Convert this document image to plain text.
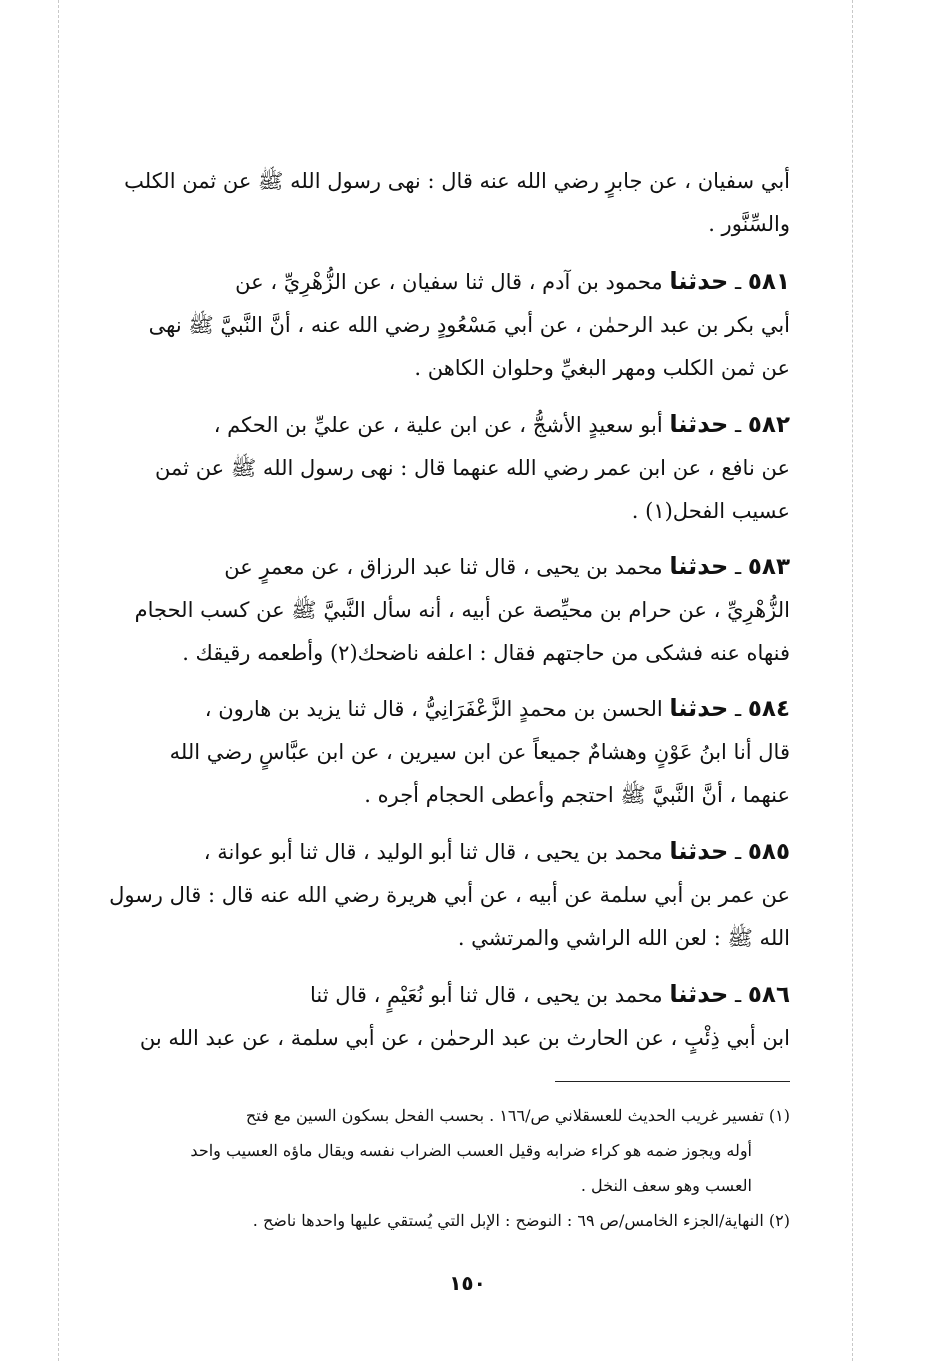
أبي سفيان ، عن جابرٍ رضي الله عنه قال : نهى رسول الله ﷺ عن ثمن الكلب
والسِّنَّور .
٥٨١ ـ حدثنا محمود بن آدم ، قال ثنا سفيان ، عن الزُّهْرِيِّ ، عن
أبي بكر بن عبد الرحمٰن ، عن أبي مَسْعُودٍ رضي الله عنه ، أنَّ النَّبيَّ ﷺ نهى
عن ثمن الكلب ومهر البغيِّ وحلوان الكاهن .
٥٨٢ ـ حدثنا أبو سعيدٍ الأشجُّ ، عن ابن علية ، عن عليِّ بن الحكم ،
عن نافع ، عن ابن عمر رضي الله عنهما قال : نهى رسول الله ﷺ عن ثمن
عسيب الفحل(١) .
٥٨٣ ـ حدثنا محمد بن يحيى ، قال ثنا عبد الرزاق ، عن معمرٍ عن
الزُّهْرِيِّ ، عن حرام بن محيِّصة عن أبيه ، أنه سأل النَّبيَّ ﷺ عن كسب الحجام
فنهاه عنه فشكى من حاجتهم فقال : اعلفه ناضحك(٢) وأطعمه رقيقك .
٥٨٤ ـ حدثنا الحسن بن محمدٍ الزَّعْفَرَانِيُّ ، قال ثنا يزيد بن هارون ،
قال أنا ابنُ عَوْنٍ وهشامٌ جميعاً عن ابن سيرين ، عن ابن عبَّاسٍ رضي الله
عنهما ، أنَّ النَّبيَّ ﷺ احتجم وأعطى الحجام أجره .
٥٨٥ ـ حدثنا محمد بن يحيى ، قال ثنا أبو الوليد ، قال ثنا أبو عوانة ،
عن عمر بن أبي سلمة عن أبيه ، عن أبي هريرة رضي الله عنه قال : قال رسول
الله ﷺ : لعن الله الراشي والمرتشي .
٥٨٦ ـ حدثنا محمد بن يحيى ، قال ثنا أبو نُعَيْمٍ ، قال ثنا
ابن أبي ذِئْبٍ ، عن الحارث بن عبد الرحمٰن ، عن أبي سلمة ، عن عبد الله بن
(١) تفسير غريب الحديث للعسقلاني ص/١٦٦ . بحسب الفحل بسكون السين مع فتح
أوله ويجوز ضمه هو كراء ضرابه وقيل العسب الضراب نفسه ويقال ماؤه العسيب واحد
العسب وهو سعف النخل .
(٢) النهاية/الجزء الخامس/ص ٦٩ : النوضح : الإبل التي يُستقي عليها واحدها ناضح .
١٥٠
